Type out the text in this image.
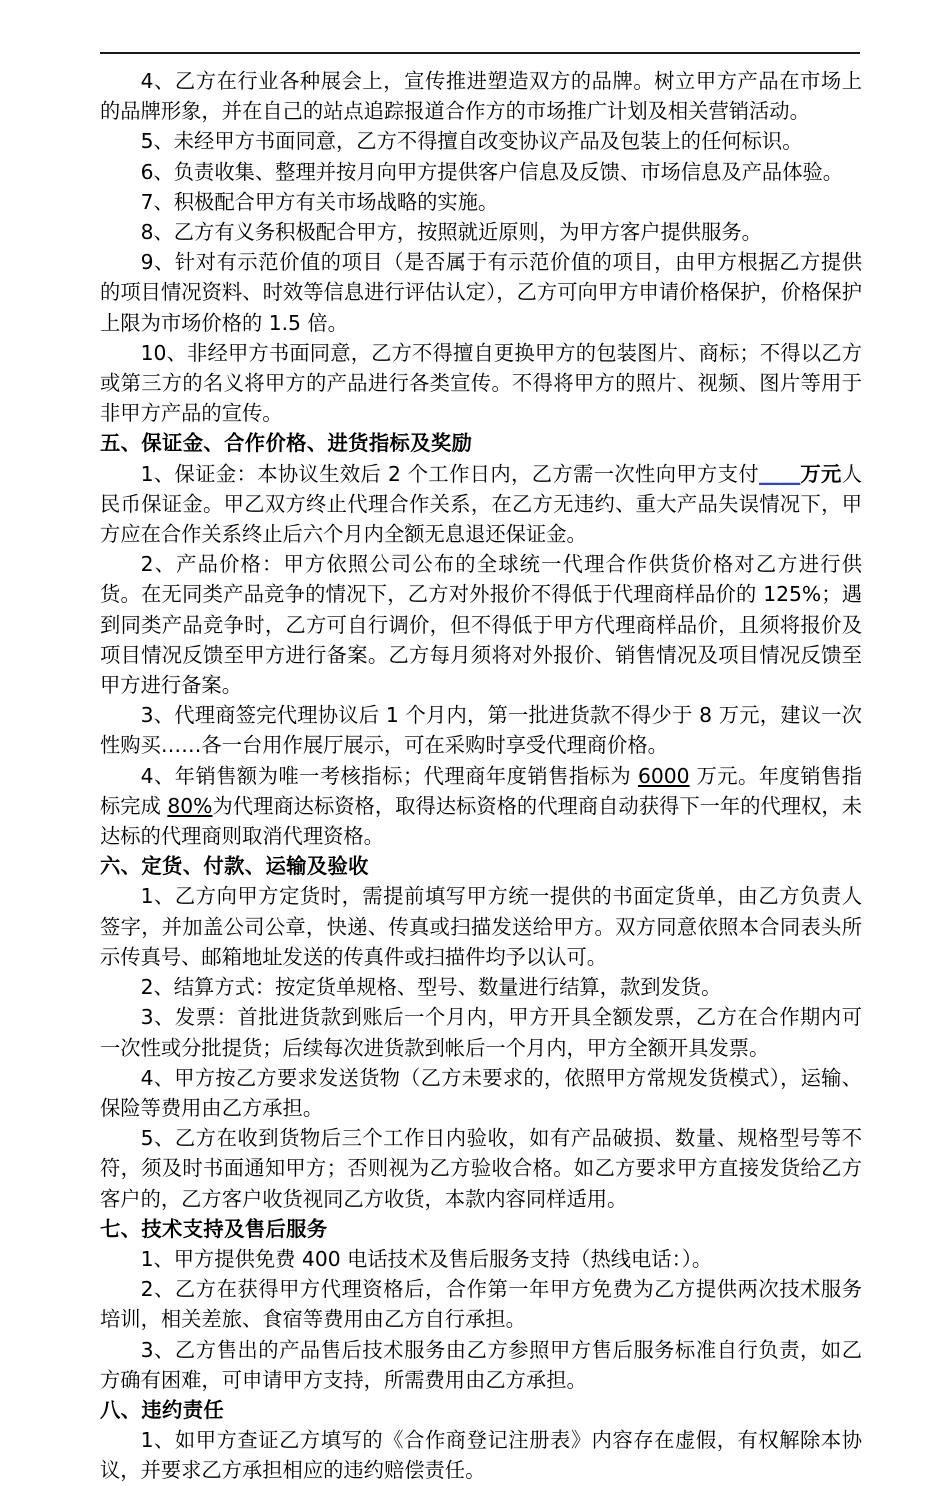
4、乙方在行业各种展会上，宣传推进塑造双方的品牌。树立甲方产品在市场上的品牌形象，并在自己的站点追踪报道合作方的市场推广计划及相关营销活动。

5、未经甲方书面同意，乙方不得擅自改变协议产品及包装上的任何标识。

6、负责收集、整理并按月向甲方提供客户信息及反馈、市场信息及产品体验。

7、积极配合甲方有关市场战略的实施。

8、乙方有义务积极配合甲方，按照就近原则，为甲方客户提供服务。

9、针对有示范价值的项目（是否属于有示范价值的项目，由甲方根据乙方提供的项目情况资料、时效等信息进行评估认定），乙方可向甲方申请价格保护，价格保护上限为市场价格的 1.5 倍。

10、非经甲方书面同意，乙方不得擅自更换甲方的包装图片、商标；不得以乙方或第三方的名义将甲方的产品进行各类宣传。不得将甲方的照片、视频、图片等用于非甲方产品的宣传。

五、保证金、合作价格、进货指标及奖励

1、保证金：本协议生效后 2 个工作日内，乙方需一次性向甲方支付＿＿万元人民币保证金。甲乙双方终止代理合作关系，在乙方无违约、重大产品失误情况下，甲方应在合作关系终止后六个月内全额无息退还保证金。

2、产品价格：甲方依照公司公布的全球统一代理合作供货价格对乙方进行供货。在无同类产品竞争的情况下，乙方对外报价不得低于代理商样品价的 125%；遇到同类产品竞争时，乙方可自行调价，但不得低于甲方代理商样品价，且须将报价及项目情况反馈至甲方进行备案。乙方每月须将对外报价、销售情况及项目情况反馈至甲方进行备案。

3、代理商签完代理协议后 1 个月内，第一批进货款不得少于 8 万元，建议一次性购买……各一台用作展厅展示，可在采购时享受代理商价格。

4、年销售额为唯一考核指标；代理商年度销售指标为 6000 万元。年度销售指标完成 80%为代理商达标资格，取得达标资格的代理商自动获得下一年的代理权，未达标的代理商则取消代理资格。

六、定货、付款、运输及验收

1、乙方向甲方定货时，需提前填写甲方统一提供的书面定货单，由乙方负责人签字，并加盖公司公章，快递、传真或扫描发送给甲方。双方同意依照本合同表头所示传真号、邮箱地址发送的传真件或扫描件均予以认可。

2、结算方式：按定货单规格、型号、数量进行结算，款到发货。

3、发票：首批进货款到账后一个月内，甲方开具全额发票，乙方在合作期内可一次性或分批提货；后续每次进货款到帐后一个月内，甲方全额开具发票。

4、甲方按乙方要求发送货物（乙方未要求的，依照甲方常规发货模式），运输、保险等费用由乙方承担。

5、乙方在收到货物后三个工作日内验收，如有产品破损、数量、规格型号等不符，须及时书面通知甲方；否则视为乙方验收合格。如乙方要求甲方直接发货给乙方客户的，乙方客户收货视同乙方收货，本款内容同样适用。

七、技术支持及售后服务

1、甲方提供免费 400 电话技术及售后服务支持（热线电话：）。

2、乙方在获得甲方代理资格后，合作第一年甲方免费为乙方提供两次技术服务培训，相关差旅、食宿等费用由乙方自行承担。

3、乙方售出的产品售后技术服务由乙方参照甲方售后服务标准自行负责，如乙方确有困难，可申请甲方支持，所需费用由乙方承担。

八、违约责任

1、如甲方查证乙方填写的《合作商登记注册表》内容存在虚假，有权解除本协议，并要求乙方承担相应的违约赔偿责任。
